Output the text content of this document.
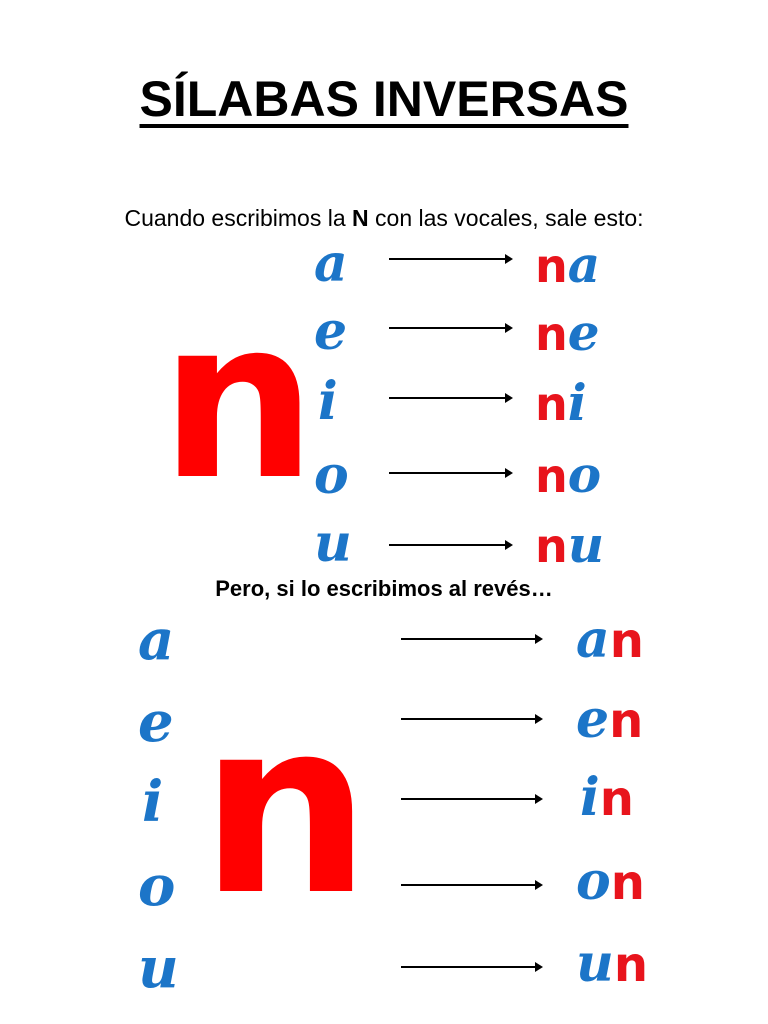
SÍLABAS INVERSAS
Cuando escribimos la N con las vocales, sale esto:
n
a
e
i
o
u
na
ne
ni
no
nu
Pero, si lo escribimos al revés…
a
e
i
o
u
n
an
en
in
on
un
